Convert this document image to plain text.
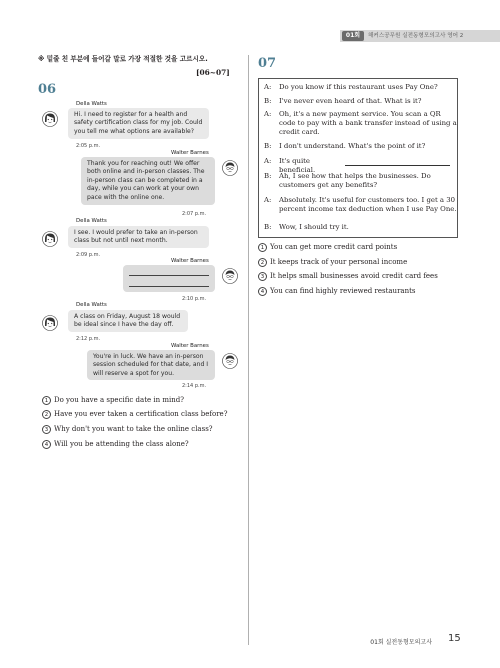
01회	해커스공무원 실전동형모의고사 영어 2
※ 밑줄 친 부분에 들어갈 말로 가장 적절한 것을 고르시오.
[06~07]
06
Della Watts
Hi. I need to register for a health and safety certification class for my job. Could you tell me what options are available?
2:05 p.m.
Walter Barnes
Thank you for reaching out! We offer both online and in-person classes. The in-person class can be completed in a day, while you can work at your own pace with the online one.
2:07 p.m.
Della Watts
I see. I would prefer to take an in-person class but not until next month.
2:09 p.m.
Walter Barnes
2:10 p.m.
Della Watts
A class on Friday, August 18 would be ideal since I have the day off.
2:12 p.m.
Walter Barnes
You're in luck. We have an in-person session scheduled for that date, and I will reserve a spot for you.
2:14 p.m.
1 Do you have a specific date in mind?
2 Have you ever taken a certification class before?
3 Why don't you want to take the online class?
4 Will you be attending the class alone?
07
A: Do you know if this restaurant uses Pay One?
B: I've never even heard of that. What is it?
A: Oh, it's a new payment service. You scan a QR code to pay with a bank transfer instead of using a credit card.
B: I don't understand. What's the point of it?
A: It's quite beneficial.
B: Ah, I see how that helps the businesses. Do customers get any benefits?
A: Absolutely. It's useful for customers too. I get a 30 percent income tax deduction when I use Pay One.
B: Wow, I should try it.
1 You can get more credit card points
2 It keeps track of your personal income
3 It helps small businesses avoid credit card fees
4 You can find highly reviewed restaurants
01회 실전동형모의고사 15
